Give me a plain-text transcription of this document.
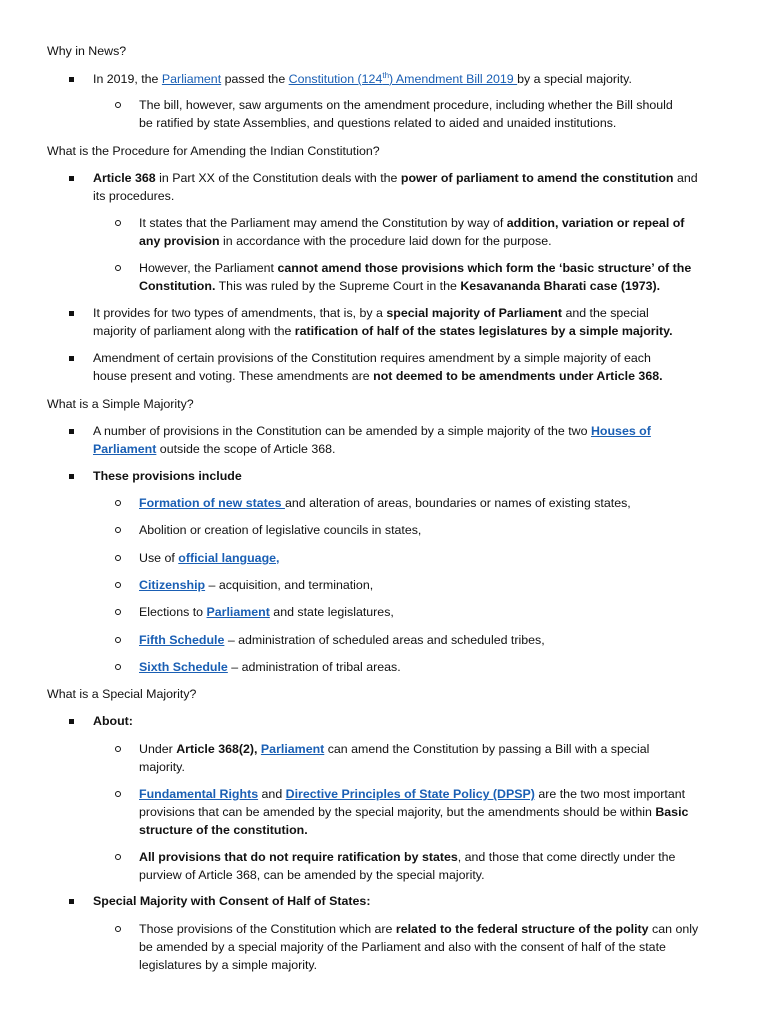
Why in News?
In 2019, the Parliament passed the Constitution (124th) Amendment Bill 2019 by a special majority.
The bill, however, saw arguments on the amendment procedure, including whether the Bill should
be ratified by state Assemblies, and questions related to aided and unaided institutions.
What is the Procedure for Amending the Indian Constitution?
Article 368 in Part XX of the Constitution deals with the power of parliament to amend the constitution and
its procedures.
It states that the Parliament may amend the Constitution by way of addition, variation or repeal of
any provision in accordance with the procedure laid down for the purpose.
However, the Parliament cannot amend those provisions which form the ‘basic structure’ of the
Constitution. This was ruled by the Supreme Court in the Kesavananda Bharati case (1973).
It provides for two types of amendments, that is, by a special majority of Parliament and the special
majority of parliament along with the ratification of half of the states legislatures by a simple majority.
Amendment of certain provisions of the Constitution requires amendment by a simple majority of each
house present and voting. These amendments are not deemed to be amendments under Article 368.
What is a Simple Majority?
A number of provisions in the Constitution can be amended by a simple majority of the two Houses of
Parliament outside the scope of Article 368.
These provisions include
Formation of new states and alteration of areas, boundaries or names of existing states,
Abolition or creation of legislative councils in states,
Use of official language,
Citizenship – acquisition, and termination,
Elections to Parliament and state legislatures,
Fifth Schedule – administration of scheduled areas and scheduled tribes,
Sixth Schedule – administration of tribal areas.
What is a Special Majority?
About:
Under Article 368(2), Parliament can amend the Constitution by passing a Bill with a special
majority.
Fundamental Rights and Directive Principles of State Policy (DPSP) are the two most important
provisions that can be amended by the special majority, but the amendments should be within Basic
structure of the constitution.
All provisions that do not require ratification by states, and those that come directly under the
purview of Article 368, can be amended by the special majority.
Special Majority with Consent of Half of States:
Those provisions of the Constitution which are related to the federal structure of the polity can only
be amended by a special majority of the Parliament and also with the consent of half of the state
legislatures by a simple majority.
